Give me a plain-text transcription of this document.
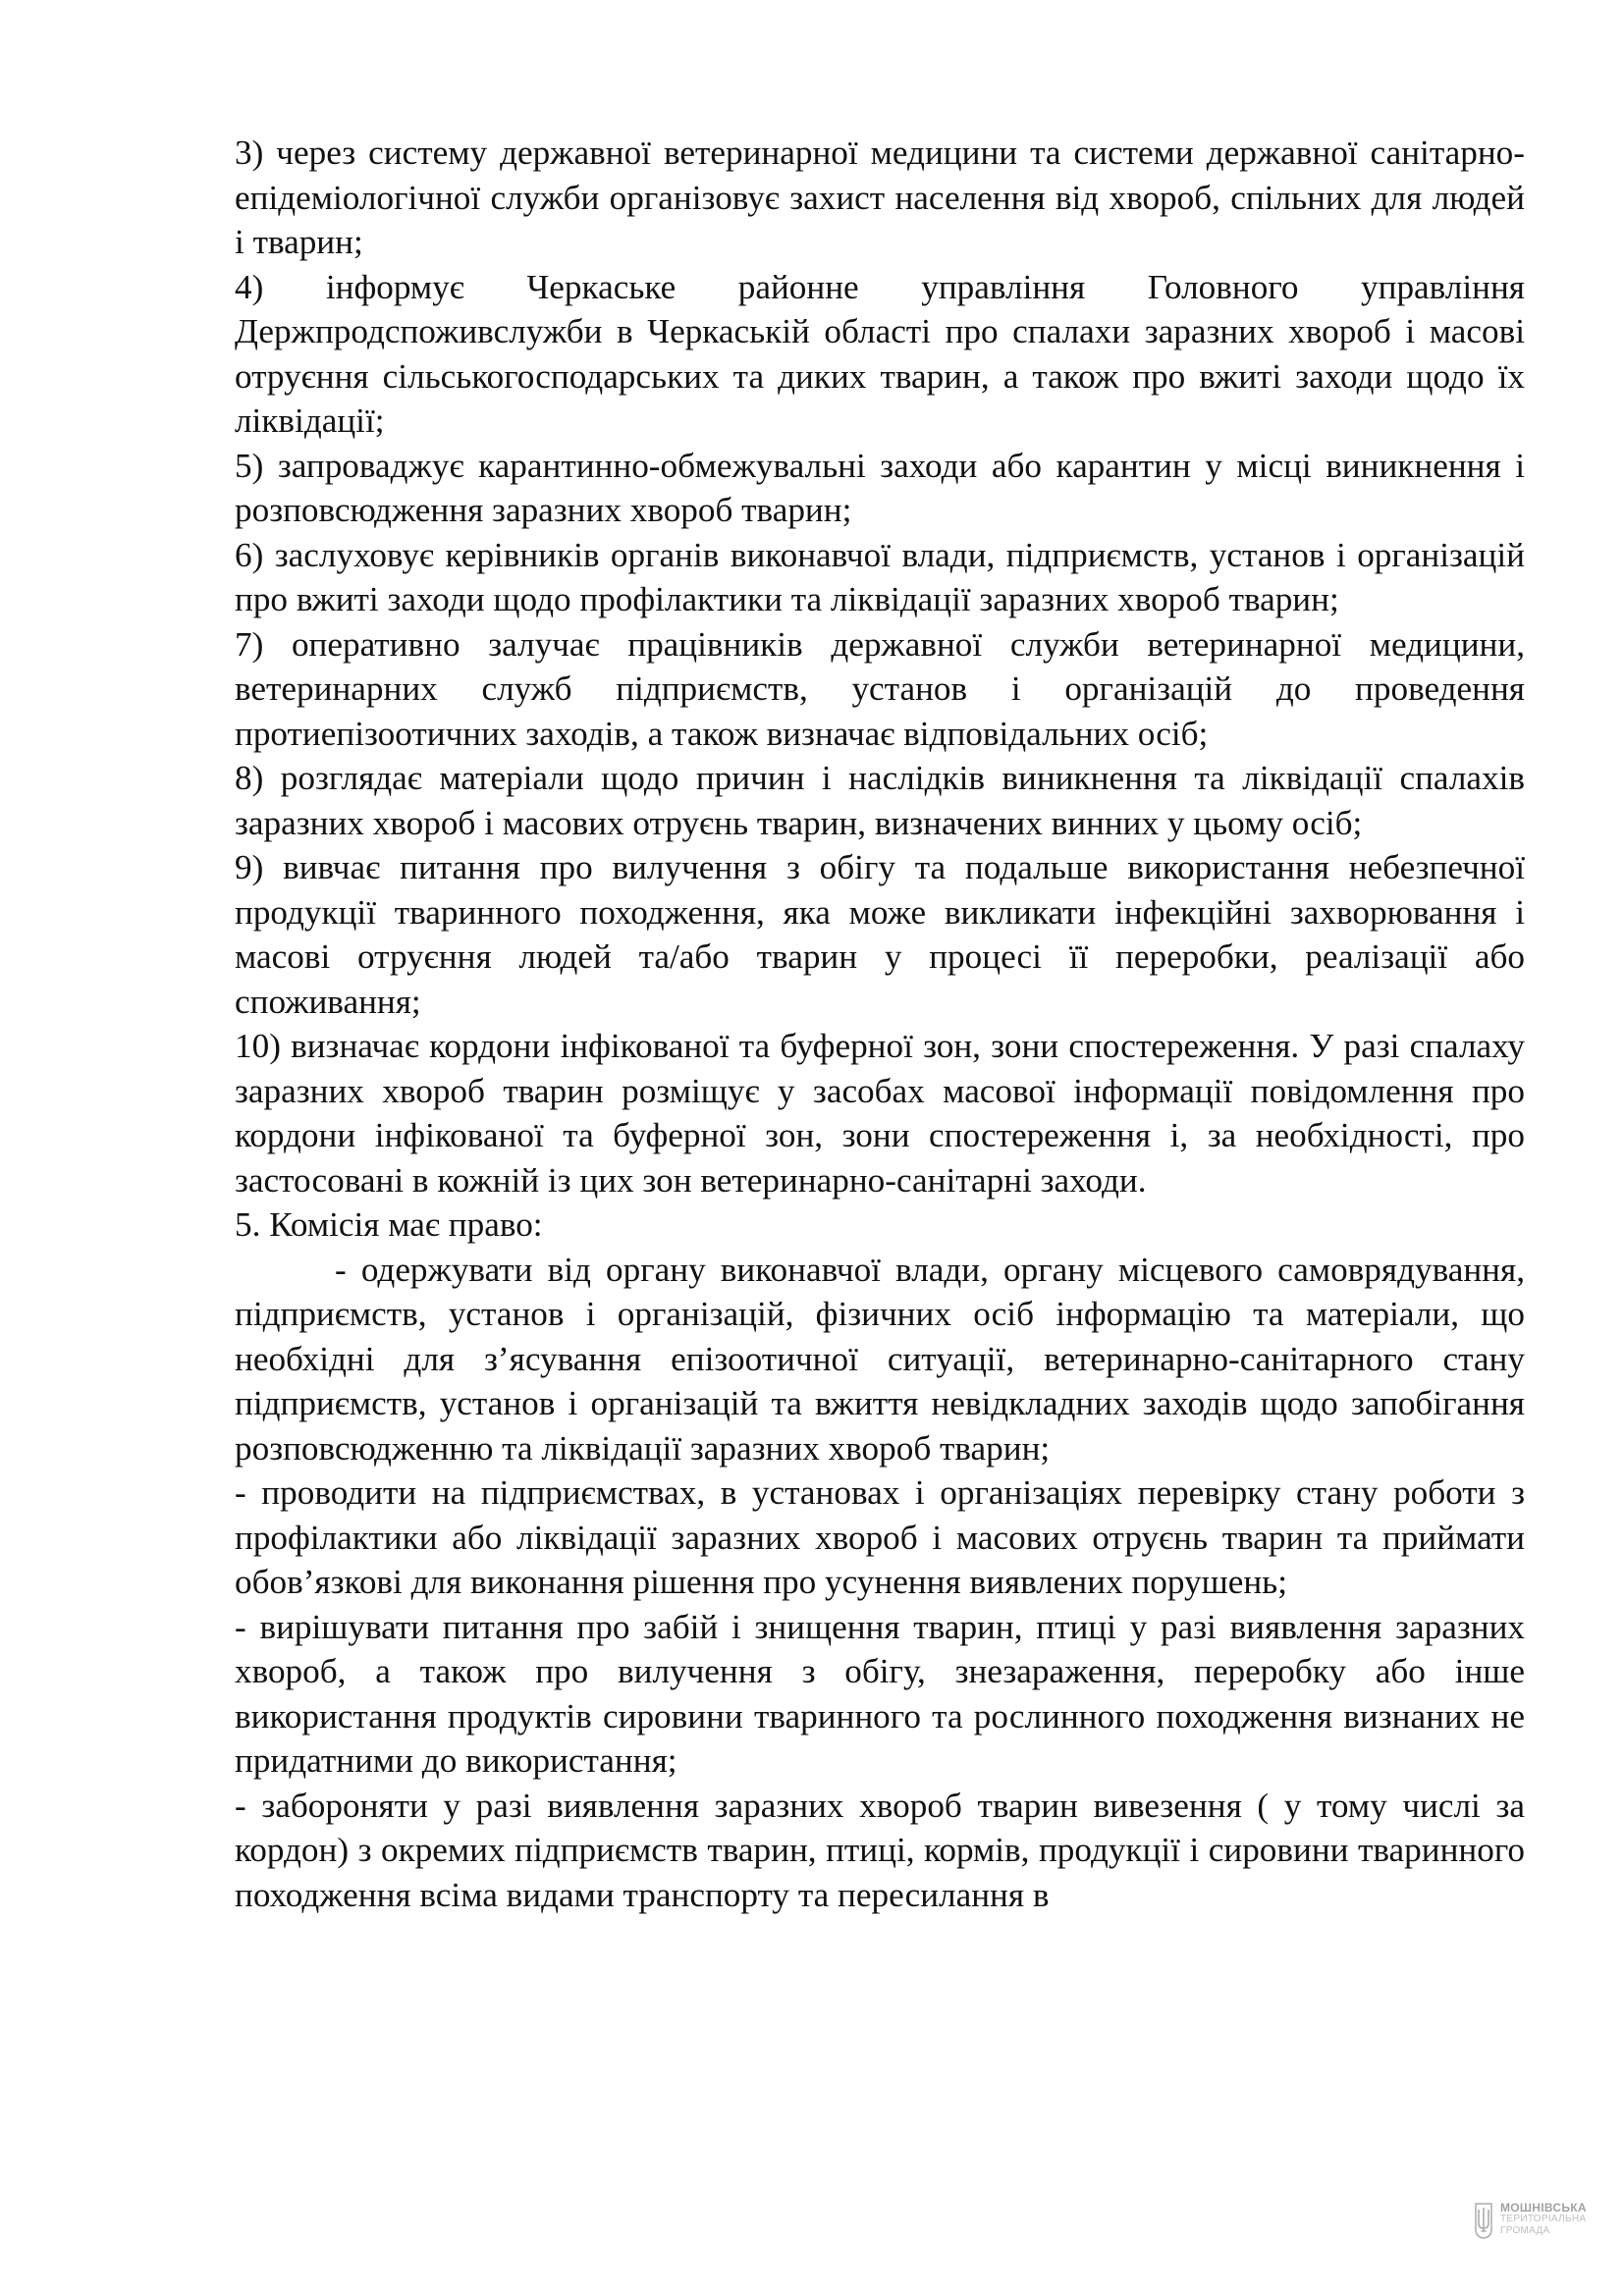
3) через систему державної ветеринарної медицини та системи державної санітарно-епідеміологічної служби організовує захист населення від хвороб, спільних для людей і тварин;

4) інформує Черкаське районне управління Головного управління Держпродспоживслужби в Черкаській області про спалахи заразних хвороб і масові отруєння сільськогосподарських та диких тварин, а також про вжиті заходи щодо їх ліквідації;

5) запроваджує карантинно-обмежувальні заходи або карантин у місці виникнення і розповсюдження заразних хвороб тварин;

6) заслуховує керівників органів виконавчої влади, підприємств, установ і організацій про вжиті заходи щодо профілактики та ліквідації заразних хвороб тварин;

7) оперативно залучає працівників державної служби ветеринарної медицини, ветеринарних служб підприємств, установ і організацій до проведення протиепізоотичних заходів, а також визначає відповідальних осіб;

8) розглядає матеріали щодо причин і наслідків виникнення та ліквідації спалахів заразних хвороб і масових отруєнь тварин, визначених винних у цьому осіб;

9) вивчає питання про вилучення з обігу та подальше використання небезпечної продукції тваринного походження, яка може викликати інфекційні захворювання і масові отруєння людей та/або тварин у процесі її переробки, реалізації або споживання;

10) визначає кордони інфікованої та буферної зон, зони спостереження. У разі спалаху заразних хвороб тварин розміщує у засобах масової інформації повідомлення про кордони інфікованої та буферної зон, зони спостереження і, за необхідності, про застосовані в кожній із цих зон ветеринарно-санітарні заходи.

5. Комісія має право:

- одержувати від органу виконавчої влади, органу місцевого самоврядування, підприємств, установ і організацій, фізичних осіб інформацію та матеріали, що необхідні для з’ясування епізоотичної ситуації, ветеринарно-санітарного стану підприємств, установ і організацій та вжиття невідкладних заходів щодо запобігання розповсюдженню та ліквідації заразних хвороб тварин;

- проводити на підприємствах, в установах і організаціях перевірку стану роботи з профілактики або ліквідації заразних хвороб і масових отруєнь тварин та приймати обов’язкові для виконання рішення про усунення виявлених порушень;

- вирішувати питання про забій і знищення тварин, птиці у разі виявлення заразних хвороб, а також про вилучення з обігу, знезараження, переробку або інше використання продуктів сировини тваринного та рослинного походження визнаних не придатними до використання;

- забороняти у разі виявлення заразних хвороб тварин вивезення ( у тому числі за кордон) з окремих підприємств тварин, птиці, кормів, продукції і сировини тваринного походження всіма видами транспорту та пересилання в

МОШНІВСЬКА
ТЕРИТОРІАЛЬНА
ГРОМАДА
